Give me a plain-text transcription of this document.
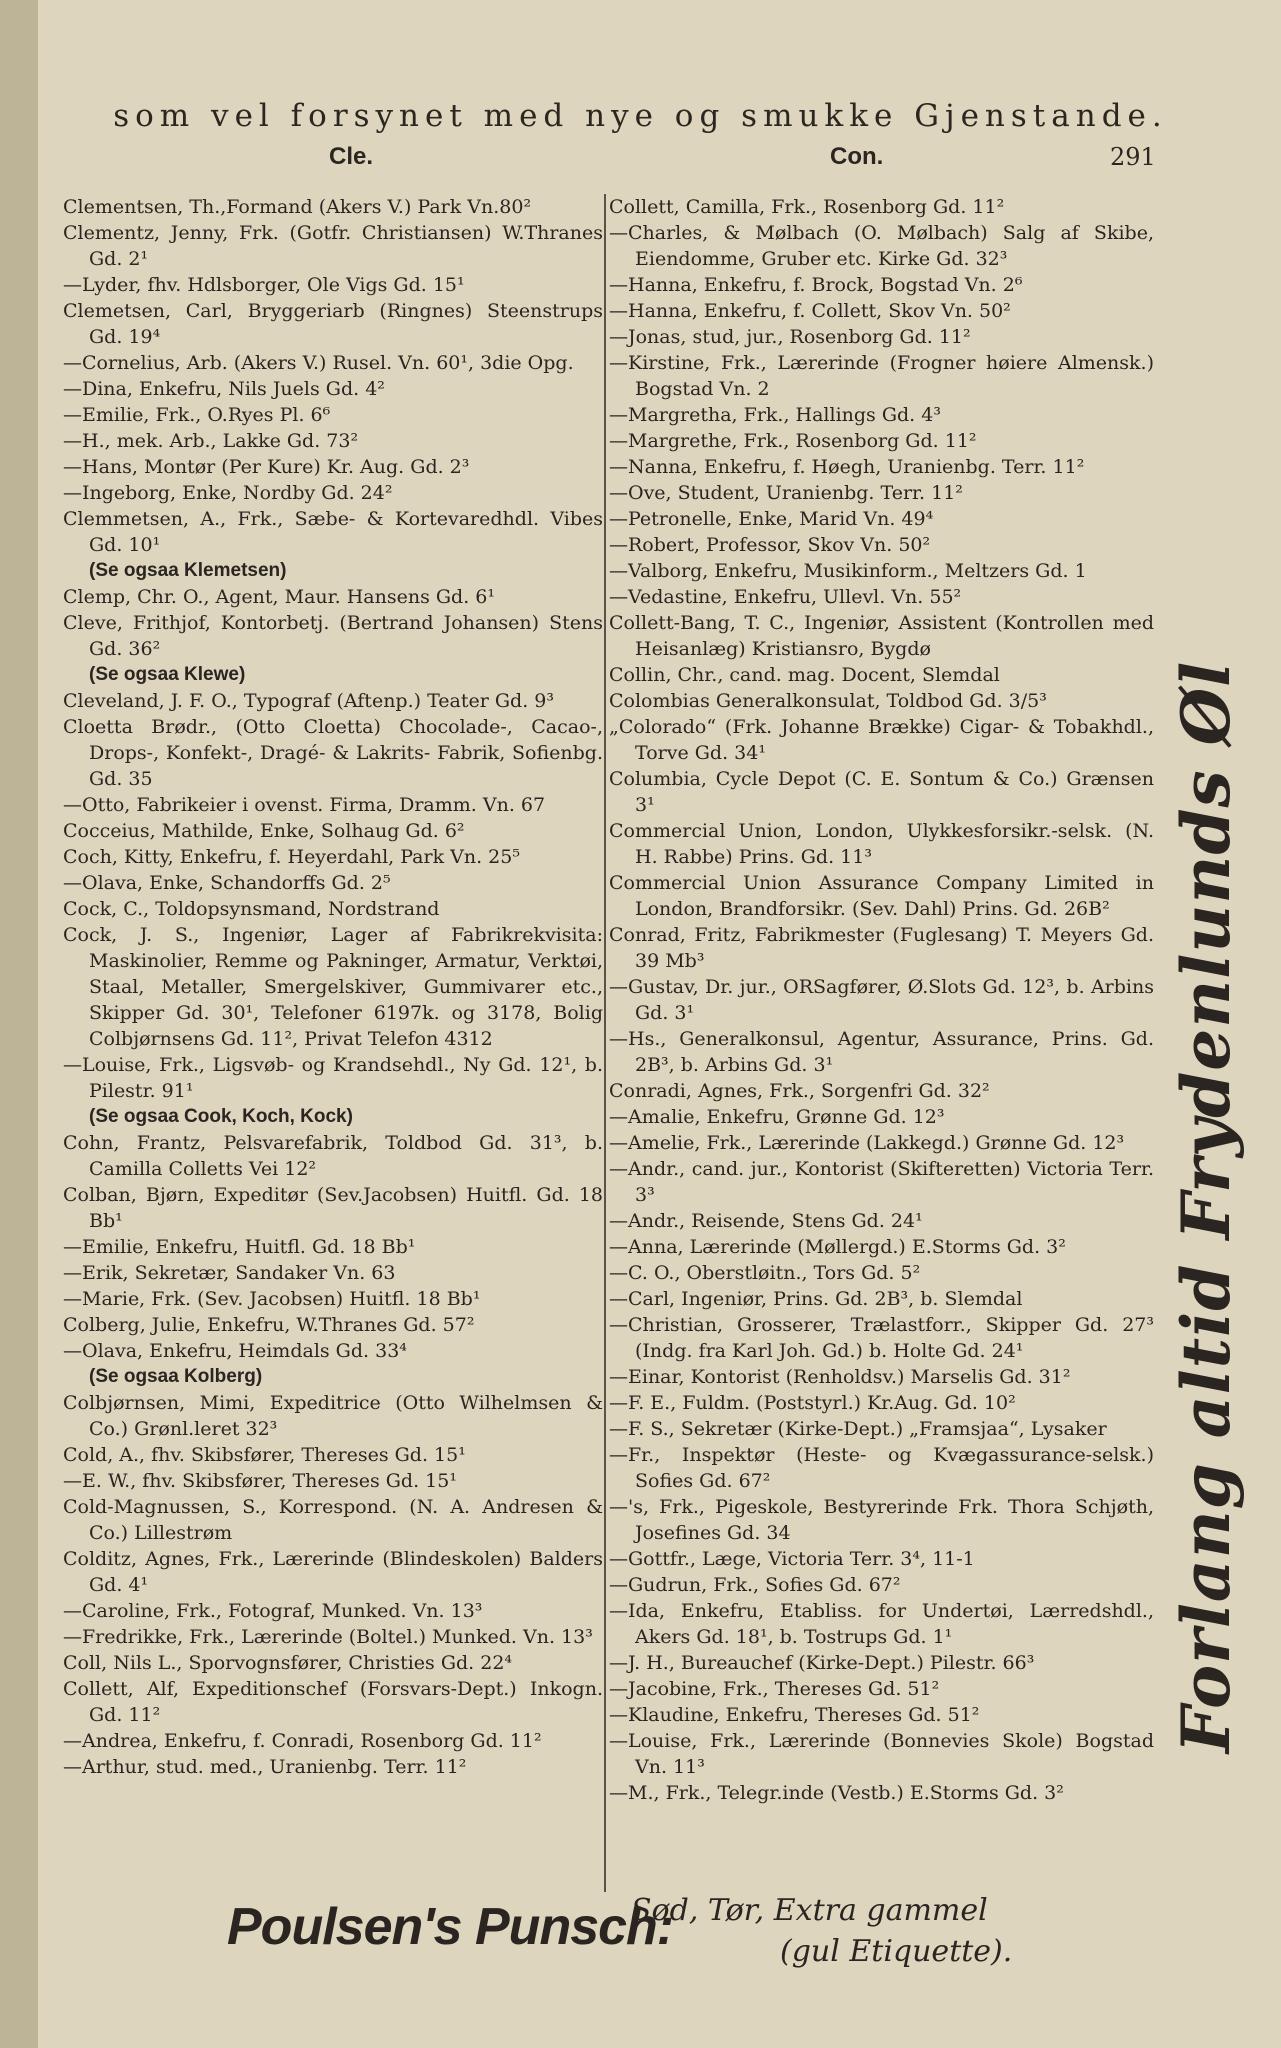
som vel forsynet med nye og smukke Gjenstande.
Cle.	Con.	291

Clementsen, Th.,Formand (Akers V.) Park Vn.80²

Clementz, Jenny, Frk. (Gotfr. Christiansen) W.Thranes Gd. 2¹

—Lyder, fhv. Hdlsborger, Ole Vigs Gd. 15¹

Clemetsen, Carl, Bryggeriarb (Ringnes) Steenstrups Gd. 19⁴

—Cornelius, Arb. (Akers V.) Rusel. Vn. 60¹, 3die Opg.

—Dina, Enkefru, Nils Juels Gd. 4²

—Emilie, Frk., O.Ryes Pl. 6⁶

—H., mek. Arb., Lakke Gd. 73²

—Hans, Montør (Per Kure) Kr. Aug. Gd. 2³

—Ingeborg, Enke, Nordby Gd. 24²

Clemmetsen, A., Frk., Sæbe- & Kortevaredhdl. Vibes Gd. 10¹

(Se ogsaa Klemetsen)

Clemp, Chr. O., Agent, Maur. Hansens Gd. 6¹

Cleve, Frithjof, Kontorbetj. (Bertrand Johansen) Stens Gd. 36²

(Se ogsaa Klewe)

Cleveland, J. F. O., Typograf (Aftenp.) Teater Gd. 9³

Cloetta Brødr., (Otto Cloetta) Chocolade-, Cacao-, Drops-, Konfekt-, Dragé- & Lakrits- Fabrik, Sofienbg. Gd. 35

—Otto, Fabrikeier i ovenst. Firma, Dramm. Vn. 67

Cocceius, Mathilde, Enke, Solhaug Gd. 6²

Coch, Kitty, Enkefru, f. Heyerdahl, Park Vn. 25⁵

—Olava, Enke, Schandorffs Gd. 2⁵

Cock, C., Toldopsynsmand, Nordstrand

Cock, J. S., Ingeniør, Lager af Fabrikrekvisita: Maskinolier, Remme og Pakninger, Armatur, Verktøi, Staal, Metaller, Smergelskiver, Gummivarer etc., Skipper Gd. 30¹, Telefoner 6197k. og 3178, Bolig Colbjørnsens Gd. 11², Privat Telefon 4312

—Louise, Frk., Ligsvøb- og Krandsehdl., Ny Gd. 12¹, b. Pilestr. 91¹

(Se ogsaa Cook, Koch, Kock)

Cohn, Frantz, Pelsvarefabrik, Toldbod Gd. 31³, b. Camilla Colletts Vei 12²

Colban, Bjørn, Expeditør (Sev.Jacobsen) Huitfl. Gd. 18 Bb¹

—Emilie, Enkefru, Huitfl. Gd. 18 Bb¹

—Erik, Sekretær, Sandaker Vn. 63

—Marie, Frk. (Sev. Jacobsen) Huitfl. 18 Bb¹

Colberg, Julie, Enkefru, W.Thranes Gd. 57²

—Olava, Enkefru, Heimdals Gd. 33⁴

(Se ogsaa Kolberg)

Colbjørnsen, Mimi, Expeditrice (Otto Wilhelmsen & Co.) Grønl.leret 32³

Cold, A., fhv. Skibsfører, Thereses Gd. 15¹

—E. W., fhv. Skibsfører, Thereses Gd. 15¹

Cold-Magnussen, S., Korrespond. (N. A. Andresen & Co.) Lillestrøm

Colditz, Agnes, Frk., Lærerinde (Blindeskolen) Balders Gd. 4¹

—Caroline, Frk., Fotograf, Munked. Vn. 13³

—Fredrikke, Frk., Lærerinde (Boltel.) Munked. Vn. 13³

Coll, Nils L., Sporvognsfører, Christies Gd. 22⁴

Collett, Alf, Expeditionschef (Forsvars-Dept.) Inkogn. Gd. 11²

—Andrea, Enkefru, f. Conradi, Rosenborg Gd. 11²

—Arthur, stud. med., Uranienbg. Terr. 11²

Collett, Camilla, Frk., Rosenborg Gd. 11²

—Charles, & Mølbach (O. Mølbach) Salg af Skibe, Eiendomme, Gruber etc. Kirke Gd. 32³

—Hanna, Enkefru, f. Brock, Bogstad Vn. 2⁶

—Hanna, Enkefru, f. Collett, Skov Vn. 50²

—Jonas, stud, jur., Rosenborg Gd. 11²

—Kirstine, Frk., Lærerinde (Frogner høiere Almensk.) Bogstad Vn. 2

—Margretha, Frk., Hallings Gd. 4³

—Margrethe, Frk., Rosenborg Gd. 11²

—Nanna, Enkefru, f. Høegh, Uranienbg. Terr. 11²

—Ove, Student, Uranienbg. Terr. 11²

—Petronelle, Enke, Marid Vn. 49⁴

—Robert, Professor, Skov Vn. 50²

—Valborg, Enkefru, Musikinform., Meltzers Gd. 1

—Vedastine, Enkefru, Ullevl. Vn. 55²

Collett-Bang, T. C., Ingeniør, Assistent (Kontrollen med Heisanlæg) Kristiansro, Bygdø

Collin, Chr., cand. mag. Docent, Slemdal

Colombias Generalkonsulat, Toldbod Gd. 3/5³

„Colorado“ (Frk. Johanne Brække) Cigar- & Tobakhdl., Torve Gd. 34¹

Columbia, Cycle Depot (C. E. Sontum & Co.) Grænsen 3¹

Commercial Union, London, Ulykkesforsikr.-selsk. (N. H. Rabbe) Prins. Gd. 11³

Commercial Union Assurance Company Limited in London, Brandforsikr. (Sev. Dahl) Prins. Gd. 26B²

Conrad, Fritz, Fabrikmester (Fuglesang) T. Meyers Gd. 39 Mb³

—Gustav, Dr. jur., ORSagfører, Ø.Slots Gd. 12³, b. Arbins Gd. 3¹

—Hs., Generalkonsul, Agentur, Assurance, Prins. Gd. 2B³, b. Arbins Gd. 3¹

Conradi, Agnes, Frk., Sorgenfri Gd. 32²

—Amalie, Enkefru, Grønne Gd. 12³

—Amelie, Frk., Lærerinde (Lakkegd.) Grønne Gd. 12³

—Andr., cand. jur., Kontorist (Skifteretten) Victoria Terr. 3³

—Andr., Reisende, Stens Gd. 24¹

—Anna, Lærerinde (Møllergd.) E.Storms Gd. 3²

—C. O., Oberstløitn., Tors Gd. 5²

—Carl, Ingeniør, Prins. Gd. 2B³, b. Slemdal

—Christian, Grosserer, Trælastforr., Skipper Gd. 27³ (Indg. fra Karl Joh. Gd.) b. Holte Gd. 24¹

—Einar, Kontorist (Renholdsv.) Marselis Gd. 31²

—F. E., Fuldm. (Poststyrl.) Kr.Aug. Gd. 10²

—F. S., Sekretær (Kirke-Dept.) „Framsjaa“, Lysaker

—Fr., Inspektør (Heste- og Kvægassurance-selsk.) Sofies Gd. 67²

—'s, Frk., Pigeskole, Bestyrerinde Frk. Thora Schjøth, Josefines Gd. 34

—Gottfr., Læge, Victoria Terr. 3⁴, 11-1

—Gudrun, Frk., Sofies Gd. 67²

—Ida, Enkefru, Etabliss. for Undertøi, Lærredshdl., Akers Gd. 18¹, b. Tostrups Gd. 1¹

—J. H., Bureauchef (Kirke-Dept.) Pilestr. 66³

—Jacobine, Frk., Thereses Gd. 51²

—Klaudine, Enkefru, Thereses Gd. 51²

—Louise, Frk., Lærerinde (Bonnevies Skole) Bogstad Vn. 11³

—M., Frk., Telegr.inde (Vestb.) E.Storms Gd. 3²

Forlang altid Frydenlunds Øl
Poulsen's Punsch:
Sød, Tør, Extra gammel
(gul Etiquette).
